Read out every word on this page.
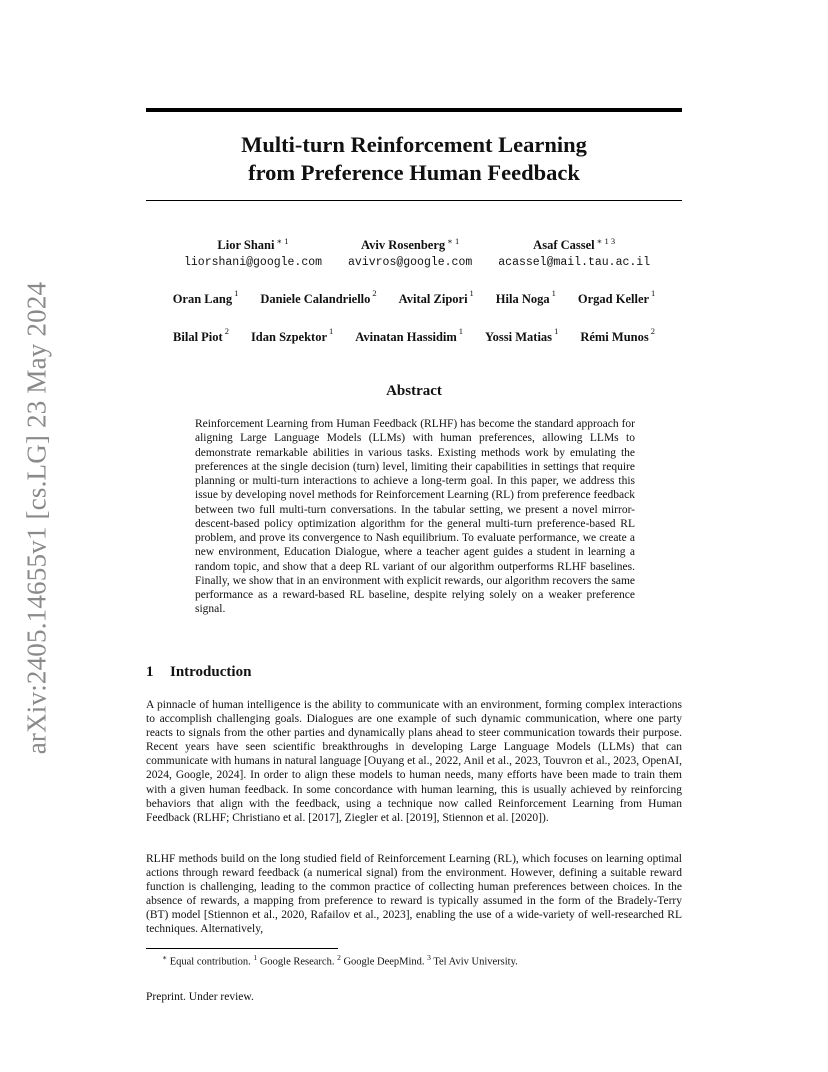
arXiv:2405.14655v1 [cs.LG] 23 May 2024
Multi-turn Reinforcement Learning
from Preference Human Feedback
Lior Shani $^{∗ 1}$
liorshani@google.com
Aviv Rosenberg $^{∗ 1}$
avivros@google.com
Asaf Cassel $^{∗ 1 3}$
acassel@mail.tau.ac.il
Oran Lang $^1$ Daniele Calandriello $^2$ Avital Zipori $^1$ Hila Noga $^1$ Orgad Keller $^1$
Bilal Piot $^2$ Idan Szpektor $^1$ Avinatan Hassidim $^1$ Yossi Matias $^1$ Rémi Munos $^2$
Abstract
Reinforcement Learning from Human Feedback (RLHF) has become the standard approach for aligning Large Language Models (LLMs) with human preferences, allowing LLMs to demonstrate remarkable abilities in various tasks. Existing methods work by emulating the preferences at the single decision (turn) level, limiting their capabilities in settings that require planning or multi-turn interactions to achieve a long-term goal. In this paper, we address this issue by developing novel methods for Reinforcement Learning (RL) from preference feedback between two full multi-turn conversations. In the tabular setting, we present a novel mirror-descent-based policy optimization algorithm for the general multi-turn preference-based RL problem, and prove its convergence to Nash equilibrium. To evaluate performance, we create a new environment, Education Dialogue, where a teacher agent guides a student in learning a random topic, and show that a deep RL variant of our algorithm outperforms RLHF baselines. Finally, we show that in an environment with explicit rewards, our algorithm recovers the same performance as a reward-based RL baseline, despite relying solely on a weaker preference signal.
1 Introduction
A pinnacle of human intelligence is the ability to communicate with an environment, forming complex interactions to accomplish challenging goals. Dialogues are one example of such dynamic communication, where one party reacts to signals from the other parties and dynamically plans ahead to steer communication towards their purpose. Recent years have seen scientific breakthroughs in developing Large Language Models (LLMs) that can communicate with humans in natural language [Ouyang et al., 2022, Anil et al., 2023, Touvron et al., 2023, OpenAI, 2024, Google, 2024]. In order to align these models to human needs, many efforts have been made to train them with a given human feedback. In some concordance with human learning, this is usually achieved by reinforcing behaviors that align with the feedback, using a technique now called Reinforcement Learning from Human Feedback (RLHF; Christiano et al. [2017], Ziegler et al. [2019], Stiennon et al. [2020]).
RLHF methods build on the long studied field of Reinforcement Learning (RL), which focuses on learning optimal actions through reward feedback (a numerical signal) from the environment. However, defining a suitable reward function is challenging, leading to the common practice of collecting human preferences between choices. In the absence of rewards, a mapping from preference to reward is typically assumed in the form of the Bradely-Terry (BT) model [Stiennon et al., 2020, Rafailov et al., 2023], enabling the use of a wide-variety of well-researched RL techniques. Alternatively,
∗ Equal contribution. $^1$ Google Research. $^2$ Google DeepMind. $^3$ Tel Aviv University.
Preprint. Under review.
